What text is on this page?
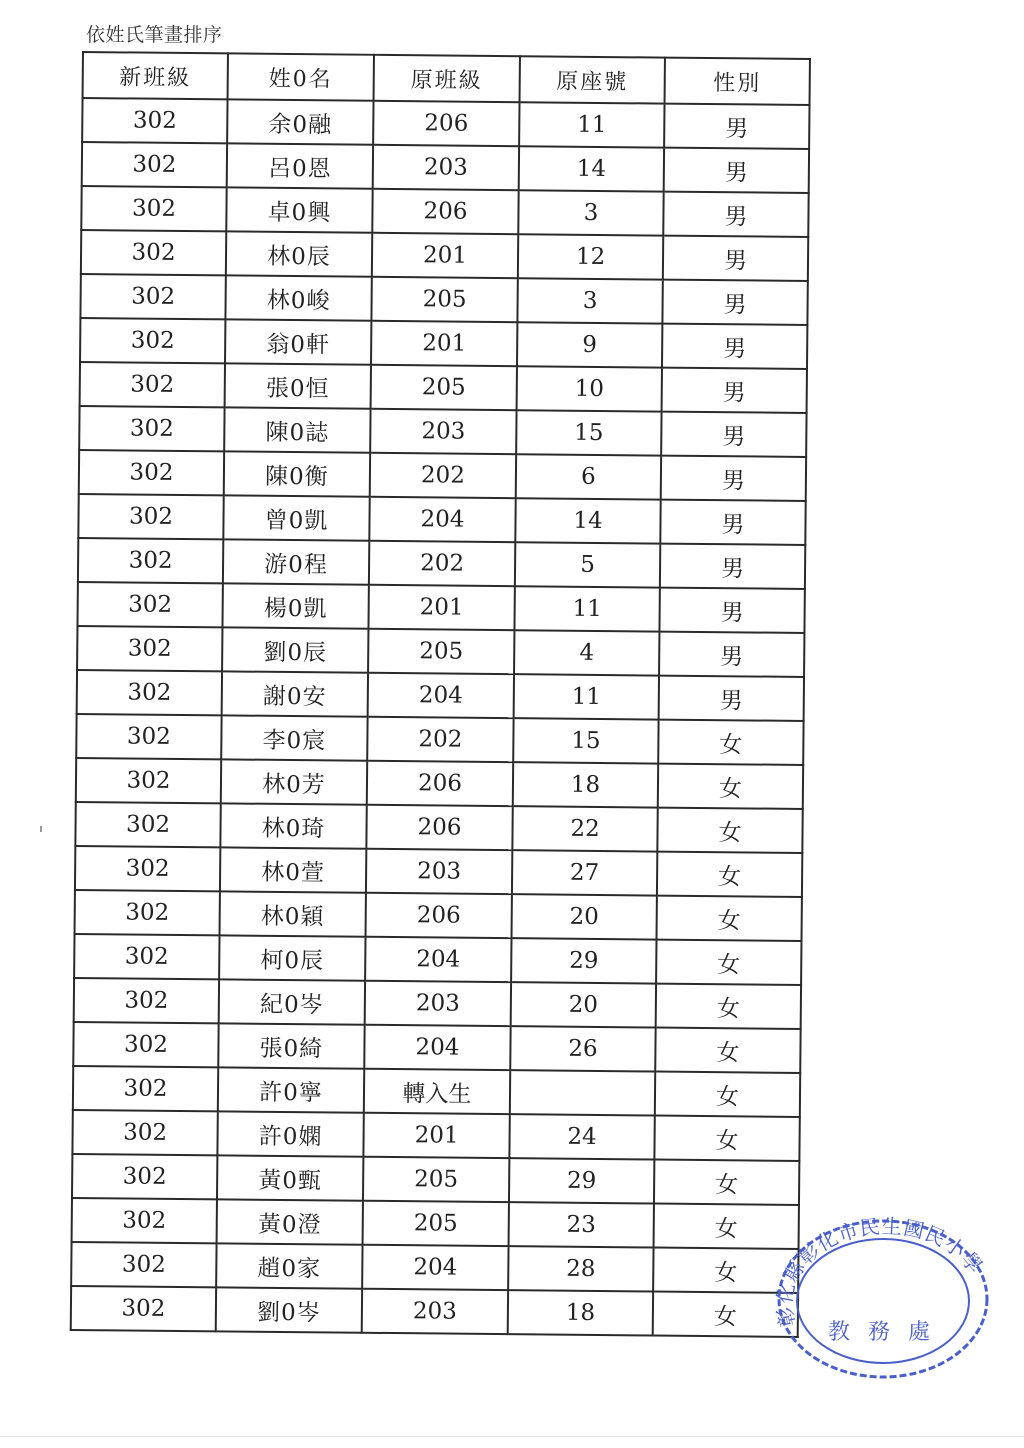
依姓氏筆畫排序
新班級	姓0名	原班級	原座號	性別
302	余0融	206	11	男
302	呂0恩	203	14	男
302	卓0興	206	3	男
302	林0辰	201	12	男
302	林0峻	205	3	男
302	翁0軒	201	9	男
302	張0恒	205	10	男
302	陳0誌	203	15	男
302	陳0衡	202	6	男
302	曾0凱	204	14	男
302	游0程	202	5	男
302	楊0凱	201	11	男
302	劉0辰	205	4	男
302	謝0安	204	11	男
302	李0宸	202	15	女
302	林0芳	206	18	女
302	林0琦	206	22	女
302	林0萱	203	27	女
302	林0穎	206	20	女
302	柯0辰	204	29	女
302	紀0岑	203	20	女
302	張0綺	204	26	女
302	許0寧	轉入生		女
302	許0嫻	201	24	女
302	黃0甄	205	29	女
302	黃0澄	205	23	女
302	趙0家	204	28	女
302	劉0岑	203	18	女 彰化縣彰化市民生國民小學
教務處
